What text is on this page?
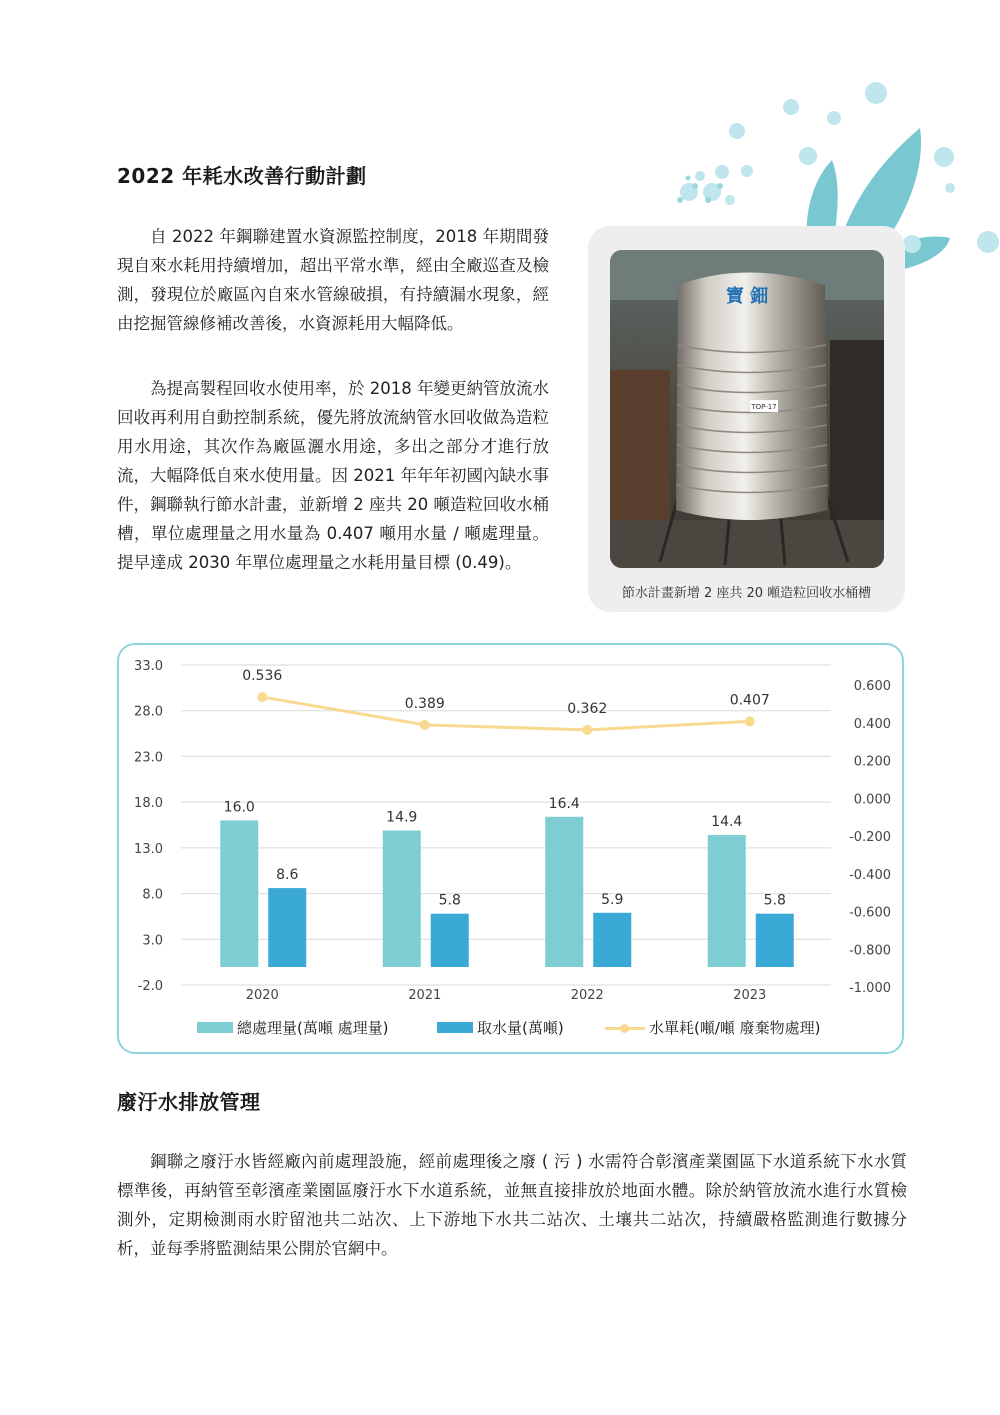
2022 年耗水改善行動計劃

自 2022 年鋼聯建置水資源監控制度，2018 年期間發現自來水耗用持續增加，超出平常水準，經由全廠巡查及檢測，發現位於廠區內自來水管線破損，有持續漏水現象，經由挖掘管線修補改善後，水資源耗用大幅降低。

為提高製程回收水使用率，於 2018 年變更納管放流水回收再利用自動控制系統，優先將放流納管水回收做為造粒用水用途，其次作為廠區灑水用途，多出之部分才進行放流，大幅降低自來水使用量。因 2021 年年年初國內缺水事件，鋼聯執行節水計畫，並新增 2 座共 20 噸造粒回收水桶槽，單位處理量之用水量為 0.407 噸用水量 / 噸處理量。提早達成 2030 年單位處理量之水耗用量目標 (0.49)。

TOP-17
寶 鈿
節水計畫新增 2 座共 20 噸造粒回收水桶槽
33.0
28.0
23.0
18.0
13.0
8.0
3.0
-2.0
0.600
0.400
0.200
0.000
-0.200
-0.400
-0.600
-0.800
-1.000
2020
16.0
8.6
2021
14.9
5.8
2022
16.4
5.9
2023
14.4
5.8
0.536
0.389	0.362
0.407
總處理量(萬噸 處理量)	取水量(萬噸)	水單耗(噸/噸 廢棄物處理)
廢汙水排放管理

鋼聯之廢汙水皆經廠內前處理設施，經前處理後之廢 ( 污 ) 水需符合彰濱產業園區下水道系統下水水質標準後，再納管至彰濱產業園區廢汙水下水道系統，並無直接排放於地面水體。除於納管放流水進行水質檢測外，定期檢測雨水貯留池共二站次、上下游地下水共二站次、土壤共二站次，持續嚴格監測進行數據分析，並每季將監測結果公開於官網中。
